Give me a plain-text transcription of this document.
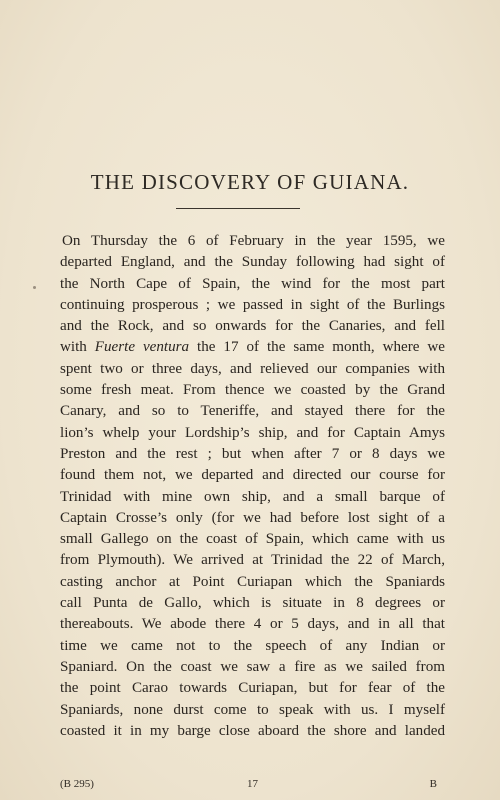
THE DISCOVERY OF GUIANA.
On Thursday the 6 of February in the year 1595, we
departed England, and the Sunday following had sight of
the North Cape of Spain, the wind for the most part
continuing prosperous ; we passed in sight of the Burlings
and the Rock, and so onwards for the Canaries, and fell
with Fuerte ventura the 17 of the same month, where we
spent two or three days, and relieved our companies with
some fresh meat. From thence we coasted by the Grand
Canary, and so to Teneriffe, and stayed there for the
lion’s whelp your Lordship’s ship, and for Captain Amys
Preston and the rest ; but when after 7 or 8 days we
found them not, we departed and directed our course for
Trinidad with mine own ship, and a small barque of
Captain Crosse’s only (for we had before lost sight of a
small Gallego on the coast of Spain, which came with us
from Plymouth). We arrived at Trinidad the 22 of March,
casting anchor at Point Curiapan which the Spaniards
call Punta de Gallo, which is situate in 8 degrees or
thereabouts. We abode there 4 or 5 days, and in all that
time we came not to the speech of any Indian or
Spaniard. On the coast we saw a fire as we sailed from
the point Carao towards Curiapan, but for fear of the
Spaniards, none durst come to speak with us. I myself
coasted it in my barge close aboard the shore and landed
(B 295)	17	B
